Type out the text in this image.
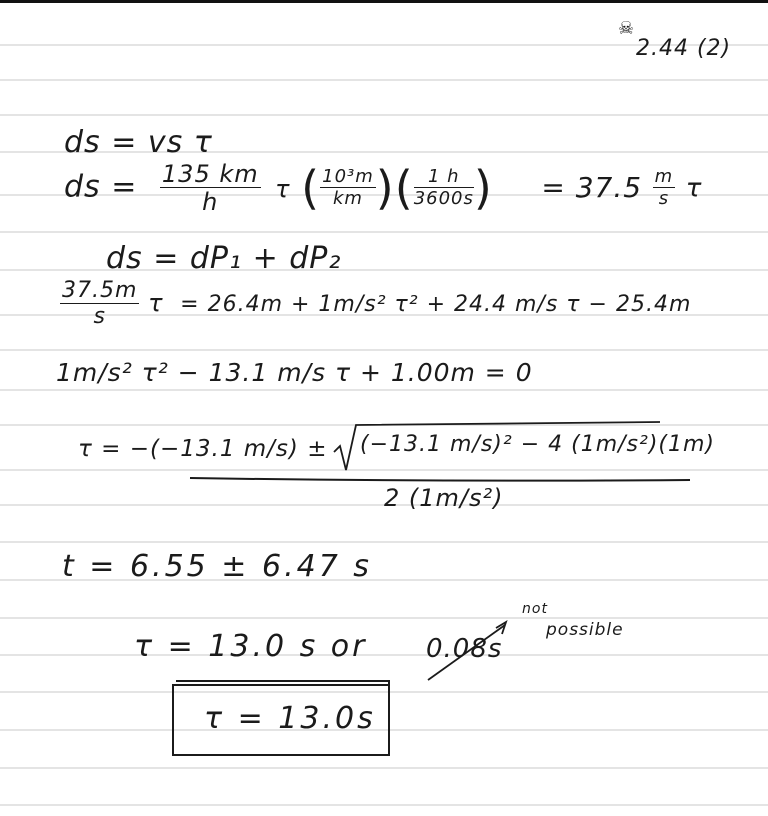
☠
2.44 (2)
ds = vs τ
ds = $\frac{135 km}{h}$ τ ( $\frac{\text{10³m}}{km}$ )( $\frac{1 h}{3600s}$ ) = $37.5 \frac{m}{s}$ τ
ds = dP₁ + dP₂
$\frac{37.5m}{s}$ τ = 26.4m + 1m/s² τ² + 24.4 m/s τ − 25.4m
1m/s² τ² − 13.1 m/s τ + 1.00m = 0
τ = −(−13.1 m/s) ± (−13.1 m/s)² − 4 (1m/s²)(1m)
2 (1m/s²)
t = 6.55 ± 6.47 s
τ = 13.0 s or 0.08s
not
possible
τ = 13.0s
